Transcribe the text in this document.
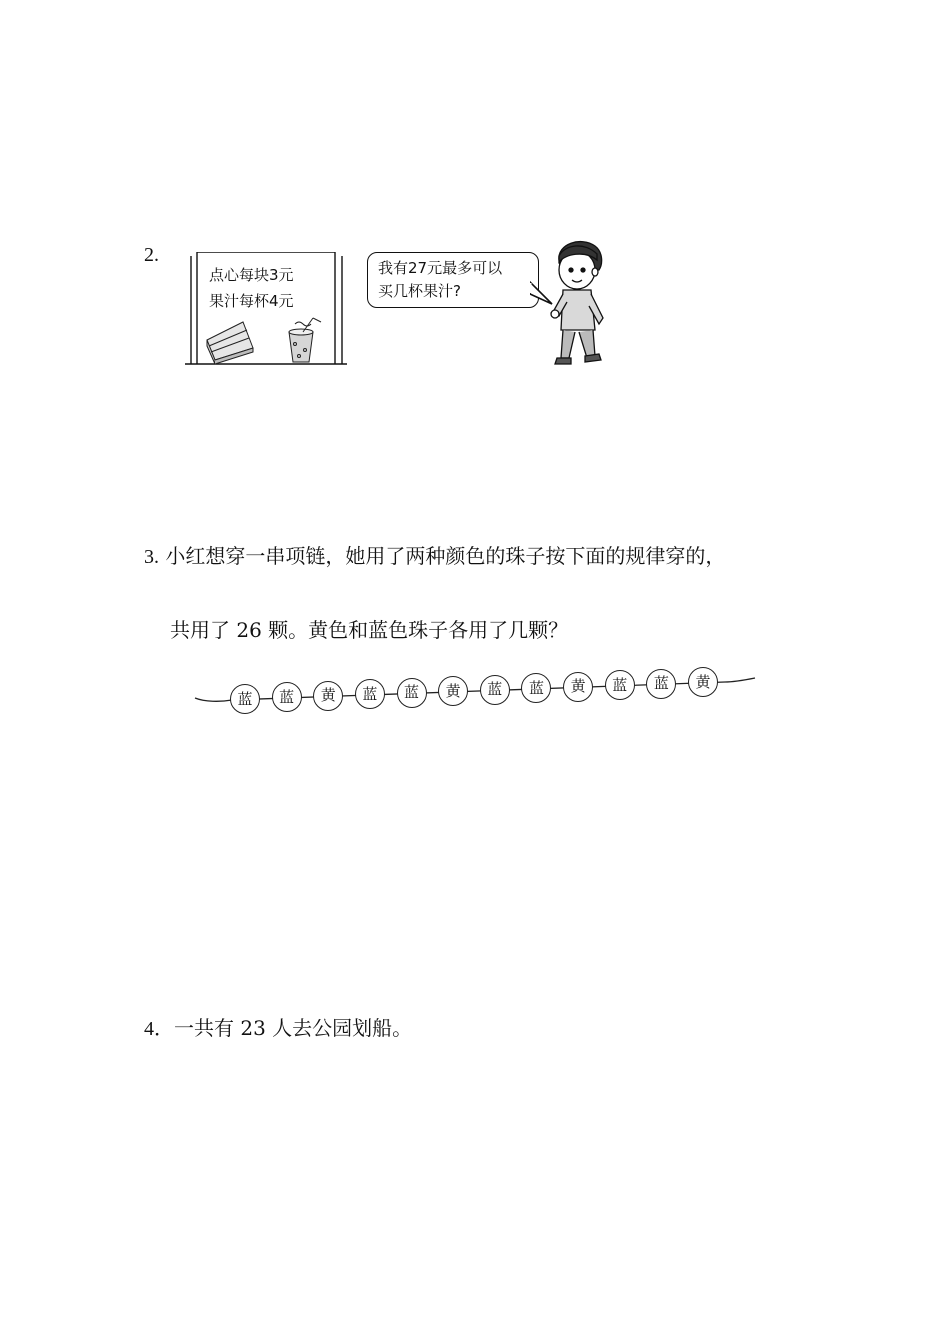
2.
点心每块3元
果汁每杯4元
我有27元最多可以
买几杯果汁?
3. 小红想穿一串项链，她用了两种颜色的珠子按下面的规律穿的，
共用了 26 颗。黄色和蓝色珠子各用了几颗？
蓝	蓝	黄	蓝	蓝	黄	蓝	蓝	黄	蓝	蓝	黄
4．一共有 23 人去公园划船。
